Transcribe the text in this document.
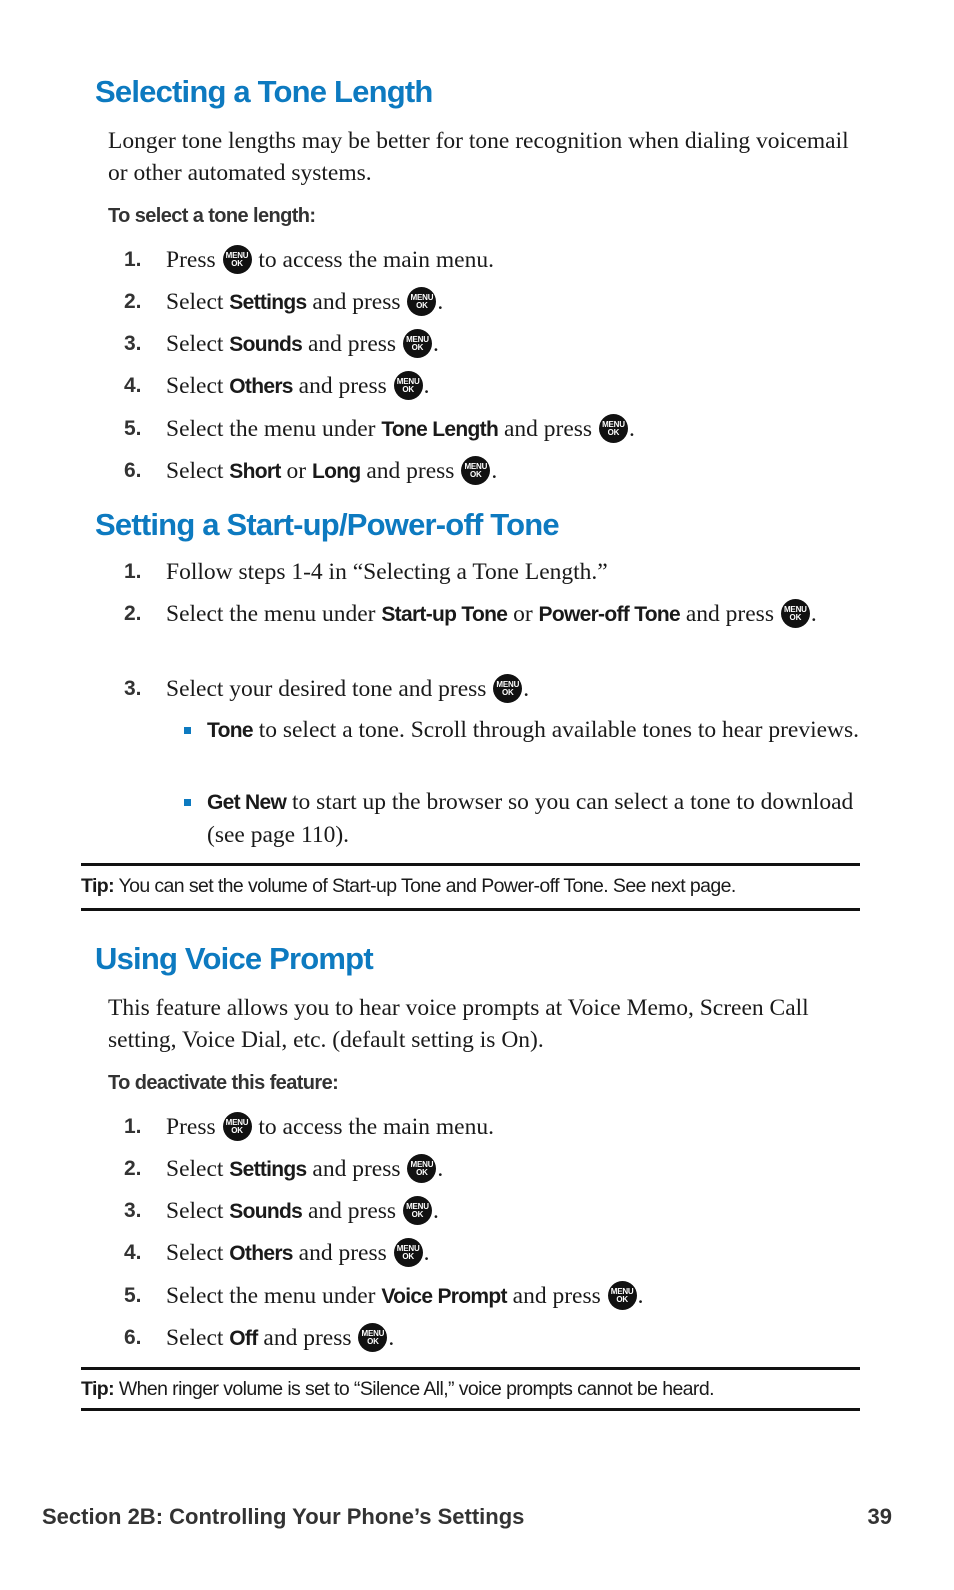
Selecting a Tone Length

Longer tone lengths may be better for tone recognition when dialing voicemail or other automated systems.

To select a tone length:

1. Press	MENU
OK to access the main menu.
2. Select Settings and press	MENU
OK .
3. Select Sounds and press	MENU
OK .
4. Select Others and press	MENU
OK .
5. Select the menu under Tone Length and press	MENU
OK .
6. Select Short or Long and press	MENU
OK .
Setting a Start-up/Power-off Tone
1. Follow steps 1-4 in “Selecting a Tone Length.”
2. Select the menu under Start-up Tone or Power-off Tone and press	MENU
OK .
3. Select your desired tone and press	MENU
OK .
Tone to select a tone. Scroll through available tones to hear previews.
Get New to start up the browser so you can select a tone to download (see page 110).

Tip: You can set the volume of Start-up Tone and Power-off Tone. See next page.

Using Voice Prompt

This feature allows you to hear voice prompts at Voice Memo, Screen Call setting, Voice Dial, etc. (default setting is On).

To deactivate this feature:

1. Press	MENU
OK to access the main menu.
2. Select Settings and press	MENU
OK .
3. Select Sounds and press	MENU
OK .
4. Select Others and press	MENU
OK .
5. Select the menu under Voice Prompt and press	MENU
OK .
6. Select Off and press	MENU
OK .

Tip: When ringer volume is set to “Silence All,” voice prompts cannot be heard.

Section 2B: Controlling Your Phone’s Settings	39
